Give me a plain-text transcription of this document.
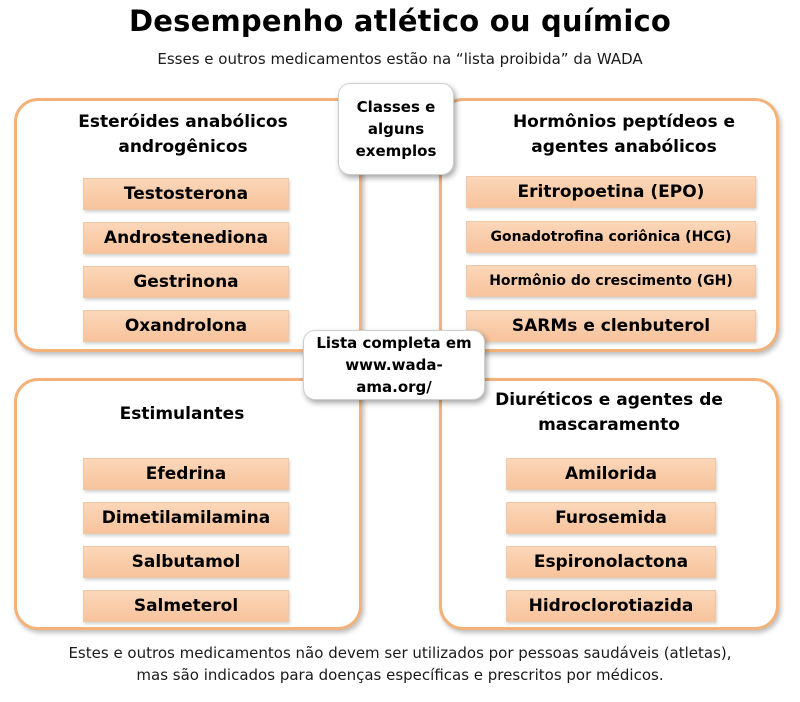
Desempenho atlético ou químico
Esses e outros medicamentos estão na “lista proibida” da WADA
Esteróides anabólicos androgênicos
Testosterona
Androstenediona
Gestrinona
Oxandrolona
Hormônios peptídeos e agentes anabólicos
Eritropoetina (EPO)
Gonadotrofina coriônica (HCG)
Hormônio do crescimento (GH)
SARMs e clenbuterol
Estimulantes
Efedrina
Dimetilamilamina
Salbutamol
Salmeterol
Diuréticos e agentes de mascaramento
Amilorida
Furosemida
Espironolactona
Hidroclorotiazida
Classes e alguns exemplos
Lista completa em www.wada-ama.org/
Estes e outros medicamentos não devem ser utilizados por pessoas saudáveis (atletas),
mas são indicados para doenças específicas e prescritos por médicos.
